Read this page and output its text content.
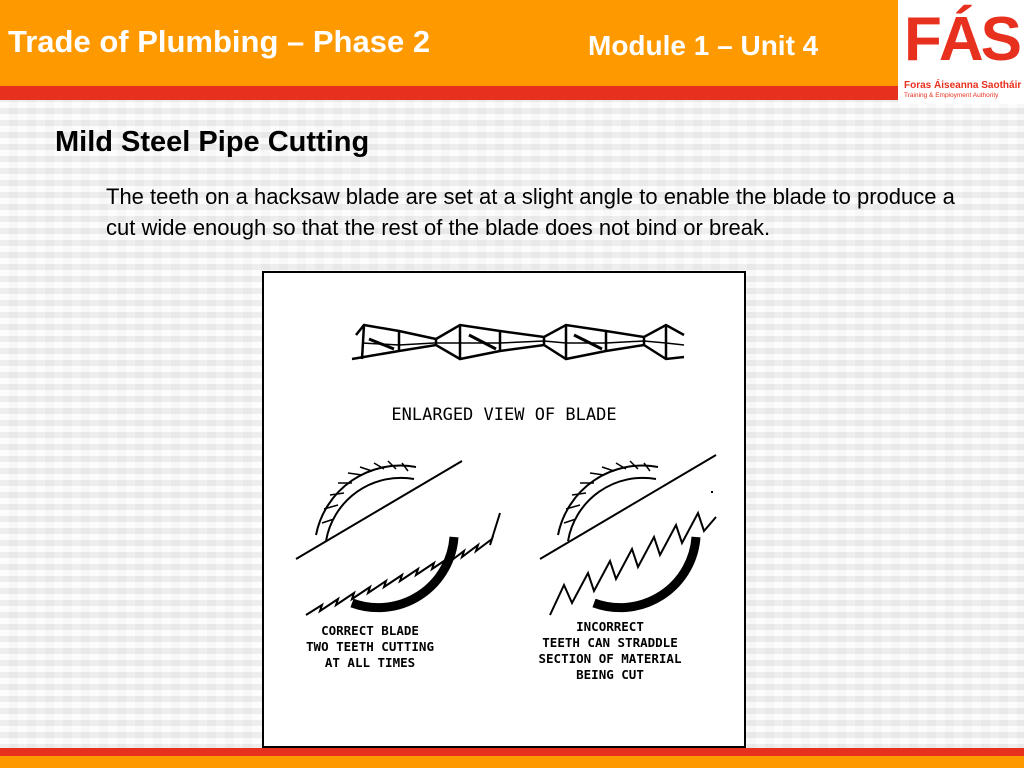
Trade of Plumbing – Phase 2	Module 1 – Unit 4 FÁS
Foras Áiseanna Saotháir
Training & Employment Authority
Mild Steel Pipe Cutting
The teeth on a hacksaw blade are set at a slight angle to enable the blade to produce a cut wide enough so that the rest of the blade does not bind or break.
ENLARGED VIEW OF BLADE
CORRECT BLADE
TWO TEETH CUTTING
AT ALL TIMES
INCORRECT
TEETH CAN STRADDLE
SECTION OF MATERIAL
BEING CUT
